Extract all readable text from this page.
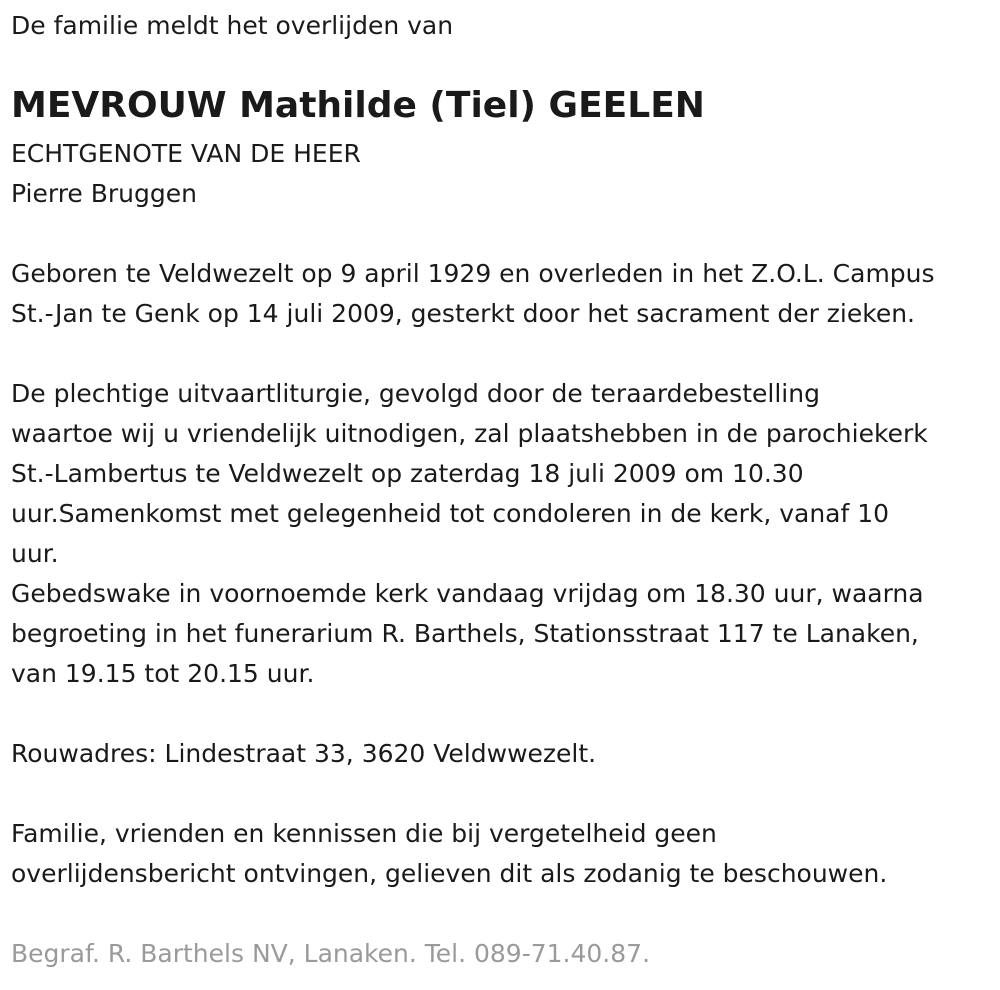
De familie meldt het overlijden van

MEVROUW Mathilde (Tiel) GEELEN

ECHTGENOTE VAN DE HEER

Pierre Bruggen

Geboren te Veldwezelt op 9 april 1929 en overleden in het Z.O.L. Campus

St.-Jan te Genk op 14 juli 2009, gesterkt door het sacrament der zieken.

De plechtige uitvaartliturgie, gevolgd door de teraardebestelling

waartoe wij u vriendelijk uitnodigen, zal plaatshebben in de parochiekerk

St.-Lambertus te Veldwezelt op zaterdag 18 juli 2009 om 10.30

uur.Samenkomst met gelegenheid tot condoleren in de kerk, vanaf 10

uur.

Gebedswake in voornoemde kerk vandaag vrijdag om 18.30 uur, waarna

begroeting in het funerarium R. Barthels, Stationsstraat 117 te Lanaken,

van 19.15 tot 20.15 uur.

Rouwadres: Lindestraat 33, 3620 Veldwwezelt.

Familie, vrienden en kennissen die bij vergetelheid geen

overlijdensbericht ontvingen, gelieven dit als zodanig te beschouwen.

Begraf. R. Barthels NV, Lanaken. Tel. 089-71.40.87.
